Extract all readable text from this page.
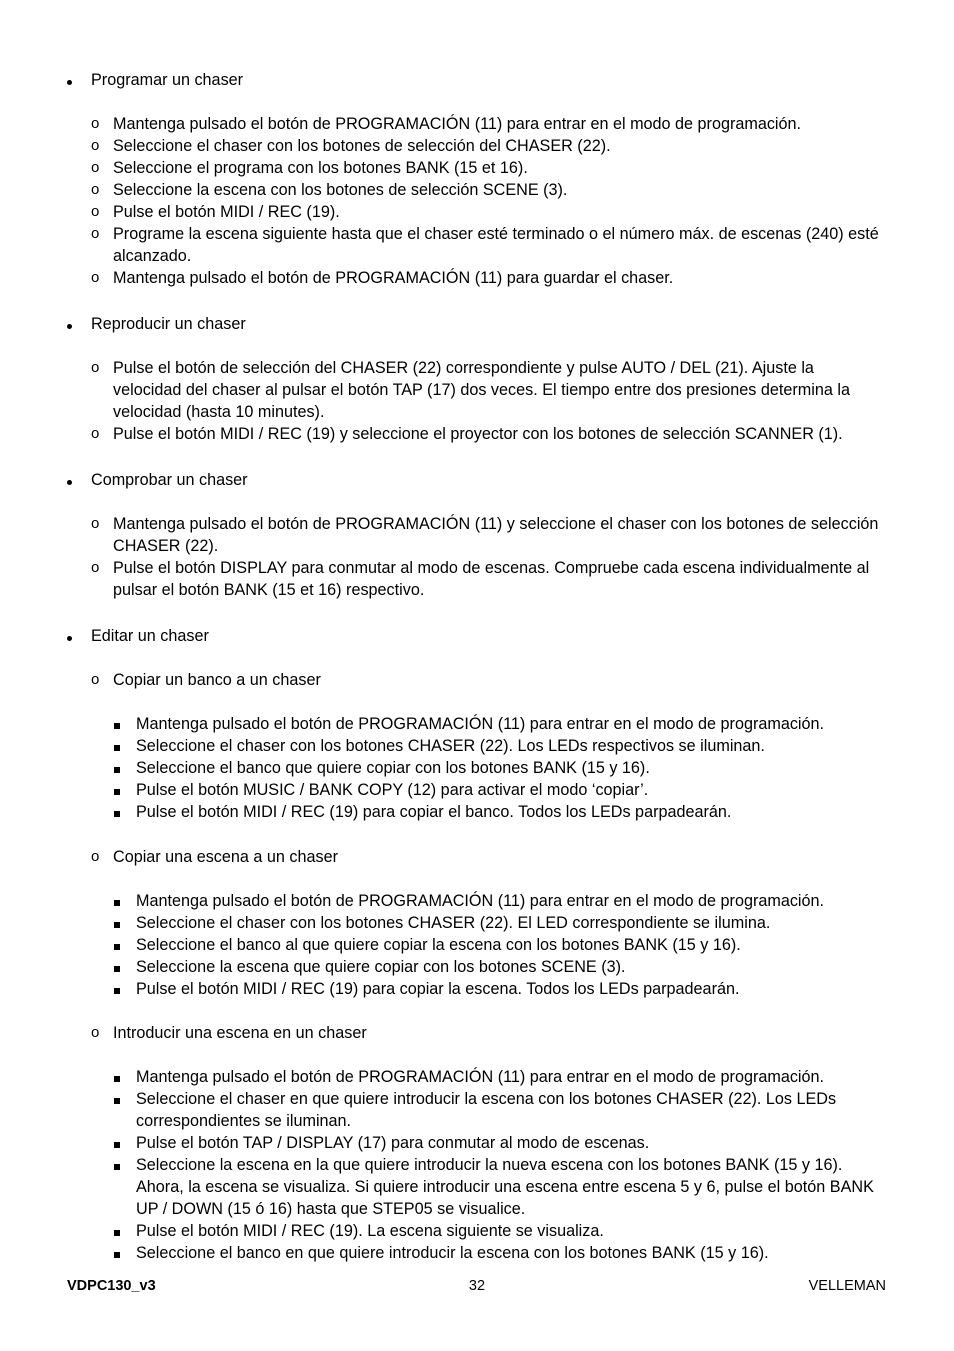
Programar un chaser
o Mantenga pulsado el botón de PROGRAMACIÓN (11) para entrar en el modo de programación.
o Seleccione el chaser con los botones de selección del CHASER (22).
o Seleccione el programa con los botones BANK (15 et 16).
o Seleccione la escena con los botones de selección SCENE (3).
o Pulse el botón MIDI / REC (19).
o Programe la escena siguiente hasta que el chaser esté terminado o el número máx. de escenas (240) esté alcanzado.
o Mantenga pulsado el botón de PROGRAMACIÓN (11) para guardar el chaser.
Reproducir un chaser
o Pulse el botón de selección del CHASER (22) correspondiente y pulse AUTO / DEL (21). Ajuste la velocidad del chaser al pulsar el botón TAP (17) dos veces. El tiempo entre dos presiones determina la velocidad (hasta 10 minutes).
o Pulse el botón MIDI / REC (19) y seleccione el proyector con los botones de selección SCANNER (1).
Comprobar un chaser
o Mantenga pulsado el botón de PROGRAMACIÓN (11) y seleccione el chaser con los botones de selección CHASER (22).
o Pulse el botón DISPLAY para conmutar al modo de escenas. Compruebe cada escena individualmente al pulsar el botón BANK (15 et 16) respectivo.
Editar un chaser
o Copiar un banco a un chaser
Mantenga pulsado el botón de PROGRAMACIÓN (11) para entrar en el modo de programación.
Seleccione el chaser con los botones CHASER (22). Los LEDs respectivos se iluminan.
Seleccione el banco que quiere copiar con los botones BANK (15 y 16).
Pulse el botón MUSIC / BANK COPY (12) para activar el modo ‘copiar’.
Pulse el botón MIDI / REC (19) para copiar el banco. Todos los LEDs parpadearán.
o Copiar una escena a un chaser
Mantenga pulsado el botón de PROGRAMACIÓN (11) para entrar en el modo de programación.
Seleccione el chaser con los botones CHASER (22). El LED correspondiente se ilumina.
Seleccione el banco al que quiere copiar la escena con los botones BANK (15 y 16).
Seleccione la escena que quiere copiar con los botones SCENE (3).
Pulse el botón MIDI / REC (19) para copiar la escena. Todos los LEDs parpadearán.
o Introducir una escena en un chaser
Mantenga pulsado el botón de PROGRAMACIÓN (11) para entrar en el modo de programación.
Seleccione el chaser en que quiere introducir la escena con los botones CHASER (22). Los LEDs correspondientes se iluminan.
Pulse el botón TAP / DISPLAY (17) para conmutar al modo de escenas.
Seleccione la escena en la que quiere introducir la nueva escena con los botones BANK (15 y 16). Ahora, la escena se visualiza. Si quiere introducir una escena entre escena 5 y 6, pulse el botón BANK UP / DOWN (15 ó 16) hasta que STEP05 se visualice.
Pulse el botón MIDI / REC (19). La escena siguiente se visualiza.
Seleccione el banco en que quiere introducir la escena con los botones BANK (15 y 16).
VDPC130_v3	32	VELLEMAN
